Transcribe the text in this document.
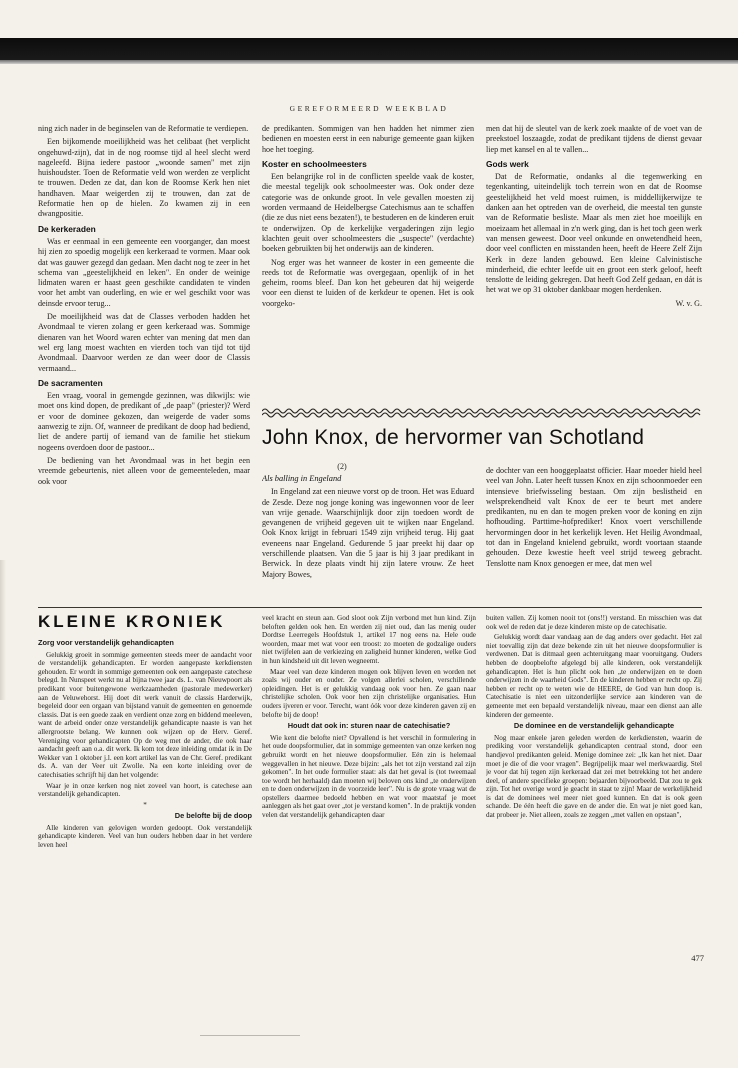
GEREFORMEERD WEEKBLAD

ning zich nader in de beginselen van de Reformatie te verdiepen.

Een bijkomende moeilijkheid was het celibaat (het verplicht ongehuwd-zijn), dat in de nog roomse tijd al heel slecht werd nageleefd. Bijna iedere pastoor „woonde samen" met zijn huishoudster. Toen de Reformatie veld won werden ze verplicht te trouwen. Deden ze dat, dan kon de Roomse Kerk hen niet handhaven. Maar weigerden zij te trouwen, dan zat de Reformatie hen op de hielen. Zo kwamen zij in een dwangpositie.

De kerkeraden

Was er eenmaal in een gemeente een voorganger, dan moest hij zien zo spoedig mogelijk een kerkeraad te vormen. Maar ook dat was gauwer gezegd dan gedaan. Men dacht nog te zeer in het schema van „geestelijkheid en leken". En onder de weinige lidmaten waren er haast geen geschikte candidaten te vinden voor het ambt van ouderling, en wie er wel geschikt voor was deinsde ervoor terug...

De moeilijkheid was dat de Classes verboden hadden het Avondmaal te vieren zolang er geen kerkeraad was. Sommige dienaren van het Woord waren echter van mening dat men dan wel erg lang moest wachten en vierden toch van tijd tot tijd Avondmaal. Daarvoor werden ze dan weer door de Classis vermaand...

De sacramenten

Een vraag, vooral in gemengde gezinnen, was dikwijls: wie moet ons kind dopen, de predikant of „de paap" (priester)? Werd er voor de dominee gekozen, dan weigerde de vader soms aanwezig te zijn. Of, wanneer de predikant de doop had bediend, liet de andere partij of iemand van de familie het stiekum nogeens overdoen door de pastoor...

De bediening van het Avondmaal was in het begin een vreemde gebeurtenis, niet alleen voor de gemeenteleden, maar ook voor

de predikanten. Sommigen van hen hadden het nimmer zien bedienen en moesten eerst in een naburige gemeente gaan kijken hoe het toeging.

Koster en schoolmeesters

Een belangrijke rol in de conflicten speelde vaak de koster, die meestal tegelijk ook schoolmeester was. Ook onder deze categorie was de onkunde groot. In vele gevallen moesten zij worden vermaand de Heidelbergse Catechismus aan te schaffen (die ze dus niet eens bezaten!), te bestuderen en de kinderen eruit te onderwijzen. Op de kerkelijke vergaderingen zijn legio klachten geuit over schoolmeesters die „suspecte" (verdachte) boeken gebruikten bij het onderwijs aan de kinderen.

Nog erger was het wanneer de koster in een gemeente die reeds tot de Reformatie was overgegaan, openlijk of in het geheim, rooms bleef. Dan kon het gebeuren dat hij weigerde voor een dienst te luiden of de kerkdeur te openen. Het is ook voorgeko-

men dat hij de sleutel van de kerk zoek maakte of de voet van de preekstoel loszaagde, zodat de predikant tijdens de dienst gevaar liep met kansel en al te vallen...

Gods werk

Dat de Reformatie, ondanks al die tegenwerking en tegenkanting, uiteindelijk toch terrein won en dat de Roomse geestelijkheid het veld moest ruimen, is middellijkerwijze te danken aan het optreden van de overheid, die meestal ten gunste van de Reformatie besliste. Maar als men ziet hoe moeilijk en moeizaam het allemaal in z'n werk ging, dan is het toch geen werk van mensen geweest. Door veel onkunde en onwetendheid heen, door veel conflicten en misstanden heen, heeft de Heere Zelf Zijn Kerk in deze landen gebouwd. Een kleine Calvinistische minderheid, die echter leefde uit en groot een sterk geloof, heeft tenslotte de leiding gekregen. Dat heeft God Zelf gedaan, en dát is het wat we op 31 oktober dankbaar mogen herdenken.

W. v. G.
John Knox, de hervormer van Schotland
(2)
Als balling in Engeland

In Engeland zat een nieuwe vorst op de troon. Het was Eduard de Zesde. Deze nog jonge koning was ingewonnen voor de leer van vrije genade. Waarschijnlijk door zijn toedoen wordt de gevangenen de vrijheid gegeven uit te wijken naar Engeland. Ook Knox krijgt in februari 1549 zijn vrijheid terug. Hij gaat eveneens naar Engeland. Gedurende 5 jaar preekt hij daar op verschillende plaatsen. Van die 5 jaar is hij 3 jaar predikant in Berwick. In deze plaats vindt hij zijn latere vrouw. Ze heet Majory Bowes,

de dochter van een hooggeplaatst officier. Haar moeder hield heel veel van John. Later heeft tussen Knox en zijn schoonmoeder een intensieve briefwisseling bestaan. Om zijn beslistheid en welsprekendheid valt Knox de eer te beurt met andere predikanten, nu en dan te mogen preken voor de koning en zijn hofhouding. Parttime-hofprediker! Knox voert verschillende hervormingen door in het kerkelijk leven. Het Heilig Avondmaal, tot dan in Engeland knielend gebruikt, wordt voortaan staande gehouden. Deze kwestie heeft veel strijd teweeg gebracht. Tenslotte nam Knox genoegen er mee, dat men wel

KLEINE KRONIEK
Zorg voor verstandelijk gehandicapten

Gelukkig groeit in sommige gemeenten steeds meer de aandacht voor de verstandelijk gehandicapten. Er worden aangepaste kerkdiensten gehouden. Er wordt in sommige gemeenten ook een aangepaste catechese belegd. In Nunspeet werkt nu al bijna twee jaar ds. L. van Nieuwpoort als predikant voor buitengewone werkzaamheden (pastorale medewerker) aan de Veluwehorst. Hij doet dit werk vanuit de classis Harderwijk, begeleid door een orgaan van bijstand vanuit de gemeenten en genoemde classis. Dat is een goede zaak en verdient onze zorg en biddend meeleven, want de arbeid onder onze verstandelijk gehandicapte naaste is van het allergrootste belang. We kunnen ook wijzen op de Herv. Geref. Vereniging voor gehandicapten Op de weg met de ander, die ook haar aandacht geeft aan o.a. dit werk. Ik kom tot deze inleiding omdat ik in De Wekker van 1 oktober j.l. een kort artikel las van de Chr. Geref. predikant ds. A. van der Veer uit Zwolle. Na een korte inleiding over de catechisaties schrijft hij dan het volgende:

Waar je in onze kerken nog niet zoveel van hoort, is catechese aan verstandelijk gehandicapten.

*
De belofte bij de doop

Alle kinderen van gelovigen worden gedoopt. Ook verstandelijk gehandicapte kinderen. Veel van hun ouders hebben daar in het verdere leven heel

veel kracht en steun aan. God sloot ook Zijn verbond met hun kind. Zijn beloften gelden ook hen. En werden zij niet oud, dan las menig ouder Dordtse Leerregels Hoofdstuk 1, artikel 17 nog eens na. Hele oude woorden, maar met wat voor een troost: zo moeten de godzalige ouders niet twijfelen aan de verkiezing en zaligheid hunner kinderen, welke God in hun kindsheid uit dit leven wegneemt.

Maar veel van deze kinderen mogen ook blijven leven en worden net zoals wij ouder en ouder. Ze volgen allerlei scholen, verschillende opleidingen. Het is er gelukkig vandaag ook voor hen. Ze gaan naar christelijke scholen. Ook voor hen zijn christelijke organisaties. Hun ouders ijveren er voor. Terecht, want óók voor deze kinderen gaven zij en belofte bij de doop!

Houdt dat ook in: sturen naar de catechisatie?

Wie kent die belofte niet? Opvallend is het verschil in formulering in het oude doopsformulier, dat in sommige gemeenten van onze kerken nog gebruikt wordt en het nieuwe doopsformulier. Eén zin is helemaal weggevallen in het nieuwe. Deze bijzin: „als het tot zijn verstand zal zijn gekomen". In het oude formulier staat: als dat het geval is (tot tweemaal toe wordt het herhaald) dan moeten wij beloven ons kind „te onderwijzen en te doen onderwijzen in de voorzeide leer". Nu is de grote vraag wat de opstellers daarmee bedoeld hebben en wat voor maatstaf je moet aanleggen als het gaat over „tot je verstand komen". In de praktijk vonden velen dat verstandelijk gehandicapten daar

buiten vallen. Zij komen nooit tot (ons!!) verstand. En misschien was dat ook wel de reden dat je deze kinderen miste op de catechisatie.

Gelukkig wordt daar vandaag aan de dag anders over gedacht. Het zal niet toevallig zijn dat deze bekende zin uit het nieuwe doopsformulier is verdwenen. Dat is ditmaal geen achteruitgang maar vooruitgang. Ouders hebben de doopbelofte afgelegd bij alle kinderen, ook verstandelijk gehandicapten. Het is hun plicht ook hen „te onderwijzen en te doen onderwijzen in de waarheid Gods". En de kinderen hebben er recht op. Zij hebben er recht op te weten wie de HEERE, de God van hun doop is. Catechisatie is niet een uitzonderlijke service aan kinderen van de gemeente met een bepaald verstandelijk niveau, maar een dienst aan alle kinderen der gemeente.

De dominee en de verstandelijk gehandicapte

Nog maar enkele jaren geleden werden de kerkdiensten, waarin de prediking voor verstandelijk gehandicapten centraal stond, door een handjevol predikanten geleid. Menige dominee zei: „Ik kan het niet. Daar moet je die of die voor vragen". Begrijpelijk maar wel merkwaardig. Stel je voor dat hij tegen zijn kerkeraad dat zei met betrekking tot het andere deel, of andere specifieke groepen: bejaarden bijvoorbeeld. Dat zou te gek zijn. Tot het overige word je geacht in staat te zijn! Maar de werkelijkheid is dat de dominees wel meer niet goed kunnen. En dat is ook geen schande. De één heeft die gave en de ander die. En wat je niet goed kan, dat probeer je. Niet alleen, zoals ze zeggen „met vallen en opstaan",

477
